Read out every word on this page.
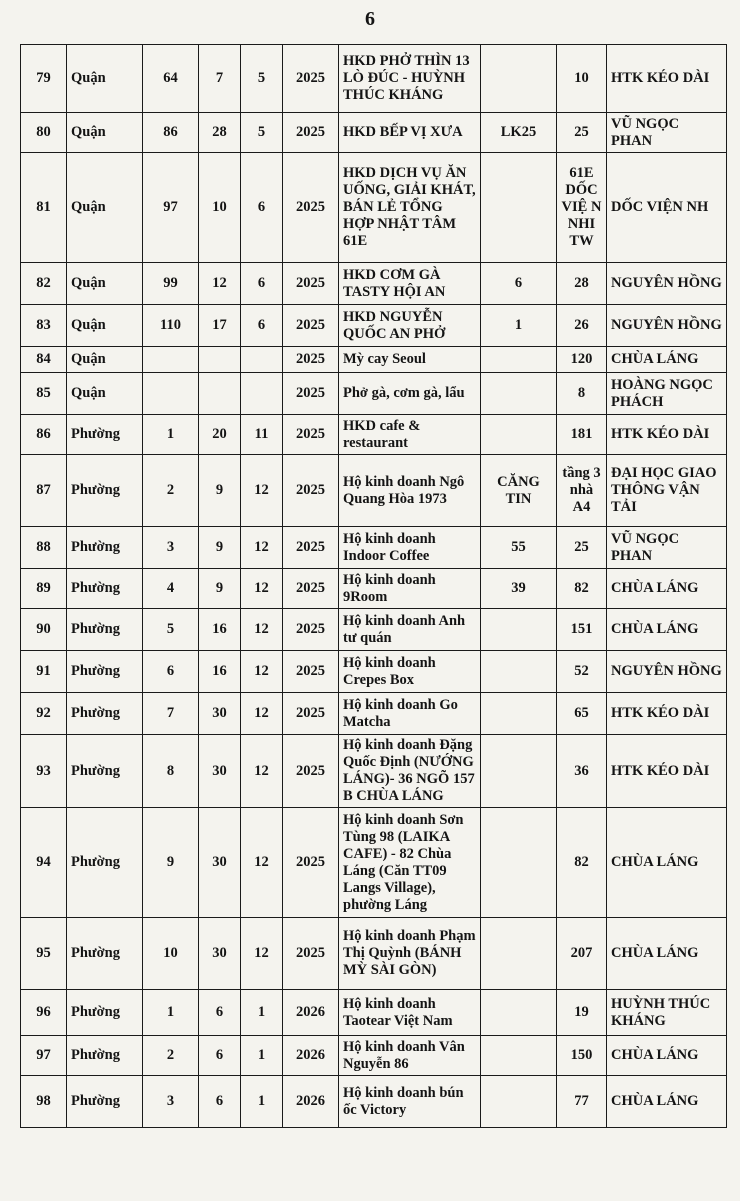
6
79	Quận	64	7	5	2025	HKD PHỞ THÌN 13 LÒ ĐÚC - HUỲNH THÚC KHÁNG		10	HTK KÉO DÀI
80	Quận	86	28	5	2025	HKD BẾP VỊ XƯA	LK25	25	VŨ NGỌC PHAN
81	Quận	97	10	6	2025	HKD DỊCH VỤ ĂN UỐNG, GIẢI KHÁT, BÁN LẺ TỔNG HỢP NHẬT TÂM 61E		61E DỐC VIỆ N NHI TW	DỐC VIỆN NH
82	Quận	99	12	6	2025	HKD CƠM GÀ TASTY HỘI AN	6	28	NGUYÊN HỒNG
83	Quận	110	17	6	2025	HKD NGUYỄN QUỐC AN PHỞ	1	26	NGUYÊN HỒNG
84	Quận				2025	Mỳ cay Seoul		120	CHÙA LÁNG
85	Quận				2025	Phở gà, cơm gà, lẩu		8	HOÀNG NGỌC PHÁCH
86	Phường	1	20	11	2025	HKD cafe & restaurant		181	HTK KÉO DÀI
87	Phường	2	9	12	2025	Hộ kinh doanh Ngô Quang Hòa 1973	CĂNG TIN	tầng 3 nhà A4	ĐẠI HỌC GIAO THÔNG VẬN TẢI
88	Phường	3	9	12	2025	Hộ kinh doanh Indoor Coffee	55	25	VŨ NGỌC PHAN
89	Phường	4	9	12	2025	Hộ kinh doanh 9Room	39	82	CHÙA LÁNG
90	Phường	5	16	12	2025	Hộ kinh doanh Anh tư quán		151	CHÙA LÁNG
91	Phường	6	16	12	2025	Hộ kinh doanh Crepes Box		52	NGUYÊN HỒNG
92	Phường	7	30	12	2025	Hộ kinh doanh Go Matcha		65	HTK KÉO DÀI
93	Phường	8	30	12	2025	Hộ kinh doanh Đặng Quốc Định (NƯỚNG LÁNG)- 36 NGÕ 157 B CHÙA LÁNG		36	HTK KÉO DÀI
94	Phường	9	30	12	2025	Hộ kinh doanh Sơn Tùng 98 (LAIKA CAFE) - 82 Chùa Láng (Căn TT09 Langs Village), phường Láng		82	CHÙA LÁNG
95	Phường	10	30	12	2025	Hộ kinh doanh Phạm Thị Quỳnh (BÁNH MỲ SÀI GÒN)		207	CHÙA LÁNG
96	Phường	1	6	1	2026	Hộ kinh doanh Taotear Việt Nam		19	HUỲNH THÚC KHÁNG
97	Phường	2	6	1	2026	Hộ kinh doanh Vân Nguyễn 86		150	CHÙA LÁNG
98	Phường	3	6	1	2026	Hộ kinh doanh bún ốc Victory		77	CHÙA LÁNG
